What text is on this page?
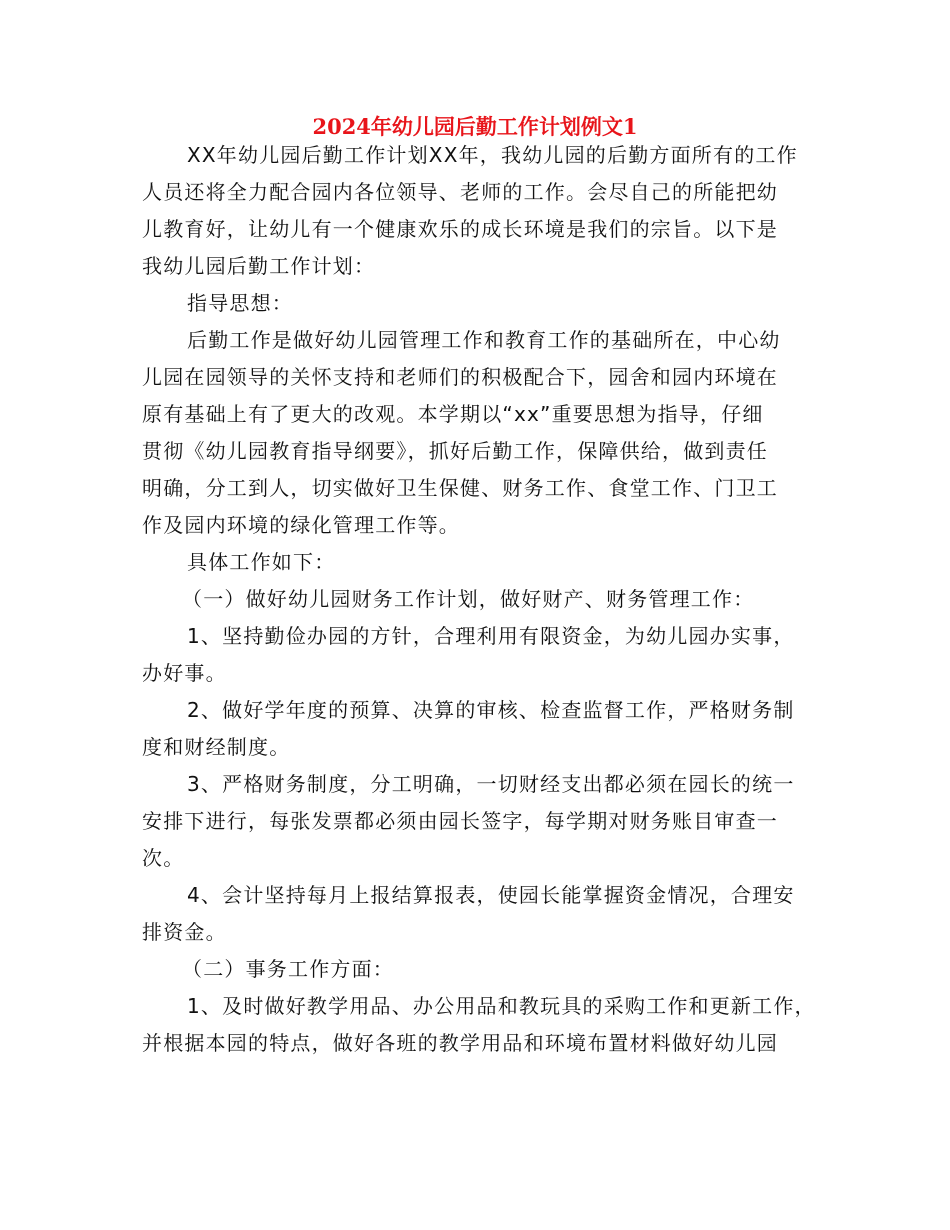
2024年幼儿园后勤工作计划例文1
XX年幼儿园后勤工作计划XX年，我幼儿园的后勤方面所有的工作
人员还将全力配合园内各位领导、老师的工作。会尽自己的所能把幼
儿教育好，让幼儿有一个健康欢乐的成长环境是我们的宗旨。以下是
我幼儿园后勤工作计划：
指导思想：
后勤工作是做好幼儿园管理工作和教育工作的基础所在，中心幼
儿园在园领导的关怀支持和老师们的积极配合下，园舍和园内环境在
原有基础上有了更大的改观。本学期以“xx”重要思想为指导，仔细
贯彻《幼儿园教育指导纲要》，抓好后勤工作，保障供给，做到责任
明确，分工到人，切实做好卫生保健、财务工作、食堂工作、门卫工
作及园内环境的绿化管理工作等。
具体工作如下：
（一）做好幼儿园财务工作计划，做好财产、财务管理工作：
1、坚持勤俭办园的方针，合理利用有限资金，为幼儿园办实事，
办好事。
2、做好学年度的预算、决算的审核、检查监督工作，严格财务制
度和财经制度。
3、严格财务制度，分工明确，一切财经支出都必须在园长的统一
安排下进行，每张发票都必须由园长签字，每学期对财务账目审查一
次。
4、会计坚持每月上报结算报表，使园长能掌握资金情况，合理安
排资金。
（二）事务工作方面：
1、及时做好教学用品、办公用品和教玩具的采购工作和更新工作，
并根据本园的特点，做好各班的教学用品和环境布置材料做好幼儿园
